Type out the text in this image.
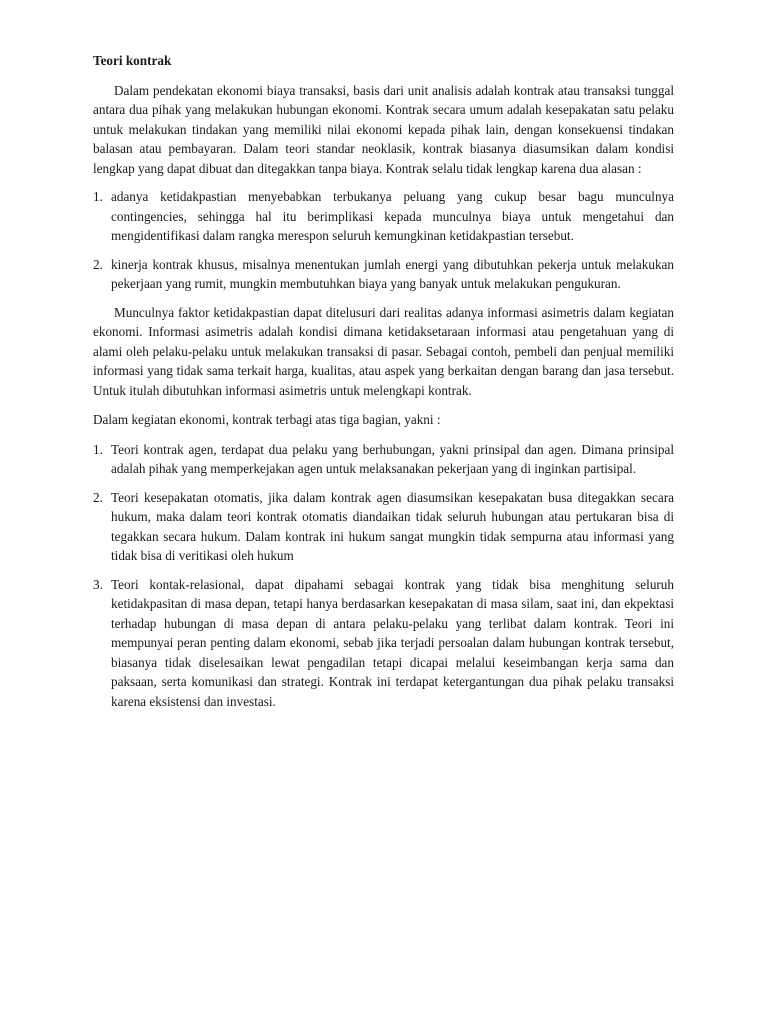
Teori kontrak

Dalam pendekatan ekonomi biaya transaksi, basis dari unit analisis adalah kontrak atau transaksi tunggal antara dua pihak yang melakukan hubungan ekonomi. Kontrak secara umum adalah kesepakatan satu pelaku untuk melakukan tindakan yang memiliki nilai ekonomi kepada pihak lain, dengan konsekuensi tindakan balasan atau pembayaran. Dalam teori standar neoklasik, kontrak biasanya diasumsikan dalam kondisi lengkap yang dapat dibuat dan ditegakkan tanpa biaya. Kontrak selalu tidak lengkap karena dua alasan :

1. adanya ketidakpastian menyebabkan terbukanya peluang yang cukup besar bagu munculnya contingencies, sehingga hal itu berimplikasi kepada munculnya biaya untuk mengetahui dan mengidentifikasi dalam rangka merespon seluruh kemungkinan ketidakpastian tersebut.
2. kinerja kontrak khusus, misalnya menentukan jumlah energi yang dibutuhkan pekerja untuk melakukan pekerjaan yang rumit, mungkin membutuhkan biaya yang banyak untuk melakukan pengukuran.

Munculnya faktor ketidakpastian dapat ditelusuri dari realitas adanya informasi asimetris dalam kegiatan ekonomi. Informasi asimetris adalah kondisi dimana ketidaksetaraan informasi atau pengetahuan yang di alami oleh pelaku-pelaku untuk melakukan transaksi di pasar. Sebagai contoh, pembeli dan penjual memiliki informasi yang tidak sama terkait harga, kualitas, atau aspek yang berkaitan dengan barang dan jasa tersebut. Untuk itulah dibutuhkan informasi asimetris untuk melengkapi kontrak.

Dalam kegiatan ekonomi, kontrak terbagi atas tiga bagian, yakni :

1. Teori kontrak agen, terdapat dua pelaku yang berhubungan, yakni prinsipal dan agen. Dimana prinsipal adalah pihak yang memperkejakan agen untuk melaksanakan pekerjaan yang di inginkan partisipal.
2. Teori kesepakatan otomatis, jika dalam kontrak agen diasumsikan kesepakatan busa ditegakkan secara hukum, maka dalam teori kontrak otomatis diandaikan tidak seluruh hubungan atau pertukaran bisa di tegakkan secara hukum. Dalam kontrak ini hukum sangat mungkin tidak sempurna atau informasi yang tidak bisa di veritikasi oleh hukum
3. Teori kontak-relasional, dapat dipahami sebagai kontrak yang tidak bisa menghitung seluruh ketidakpasitan di masa depan, tetapi hanya berdasarkan kesepakatan di masa silam, saat ini, dan ekpektasi terhadap hubungan di masa depan di antara pelaku-pelaku yang terlibat dalam kontrak. Teori ini mempunyai peran penting dalam ekonomi, sebab jika terjadi persoalan dalam hubungan kontrak tersebut, biasanya tidak diselesaikan lewat pengadilan tetapi dicapai melalui keseimbangan kerja sama dan paksaan, serta komunikasi dan strategi. Kontrak ini terdapat ketergantungan dua pihak pelaku transaksi karena eksistensi dan investasi.
